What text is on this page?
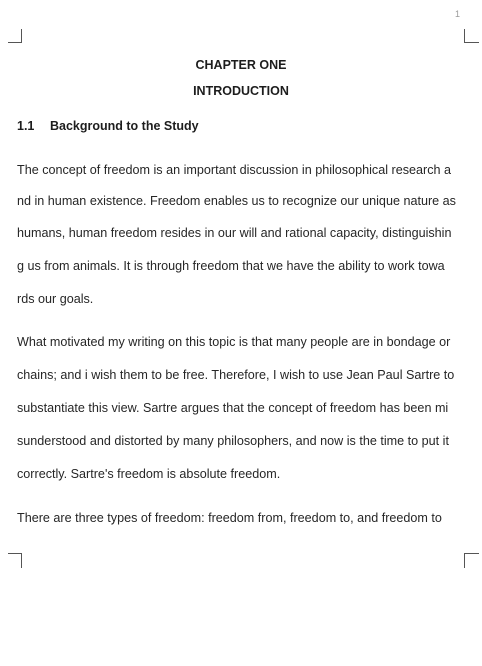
1
CHAPTER ONE
INTRODUCTION
1.1 Background to the Study
The concept of freedom is an important discussion in philosophical research a
nd in human existence. Freedom enables us to recognize our unique nature as
humans, human freedom resides in our will and rational capacity, distinguishin
g us from animals. It is through freedom that we have the ability to work towa
rds our goals.
What motivated my writing on this topic is that many people are in bondage or
chains; and i wish them to be free. Therefore, I wish to use Jean Paul Sartre to
substantiate this view. Sartre argues that the concept of freedom has been mi
sunderstood and distorted by many philosophers, and now is the time to put it
correctly. Sartre's freedom is absolute freedom.
There are three types of freedom: freedom from, freedom to, and freedom to
